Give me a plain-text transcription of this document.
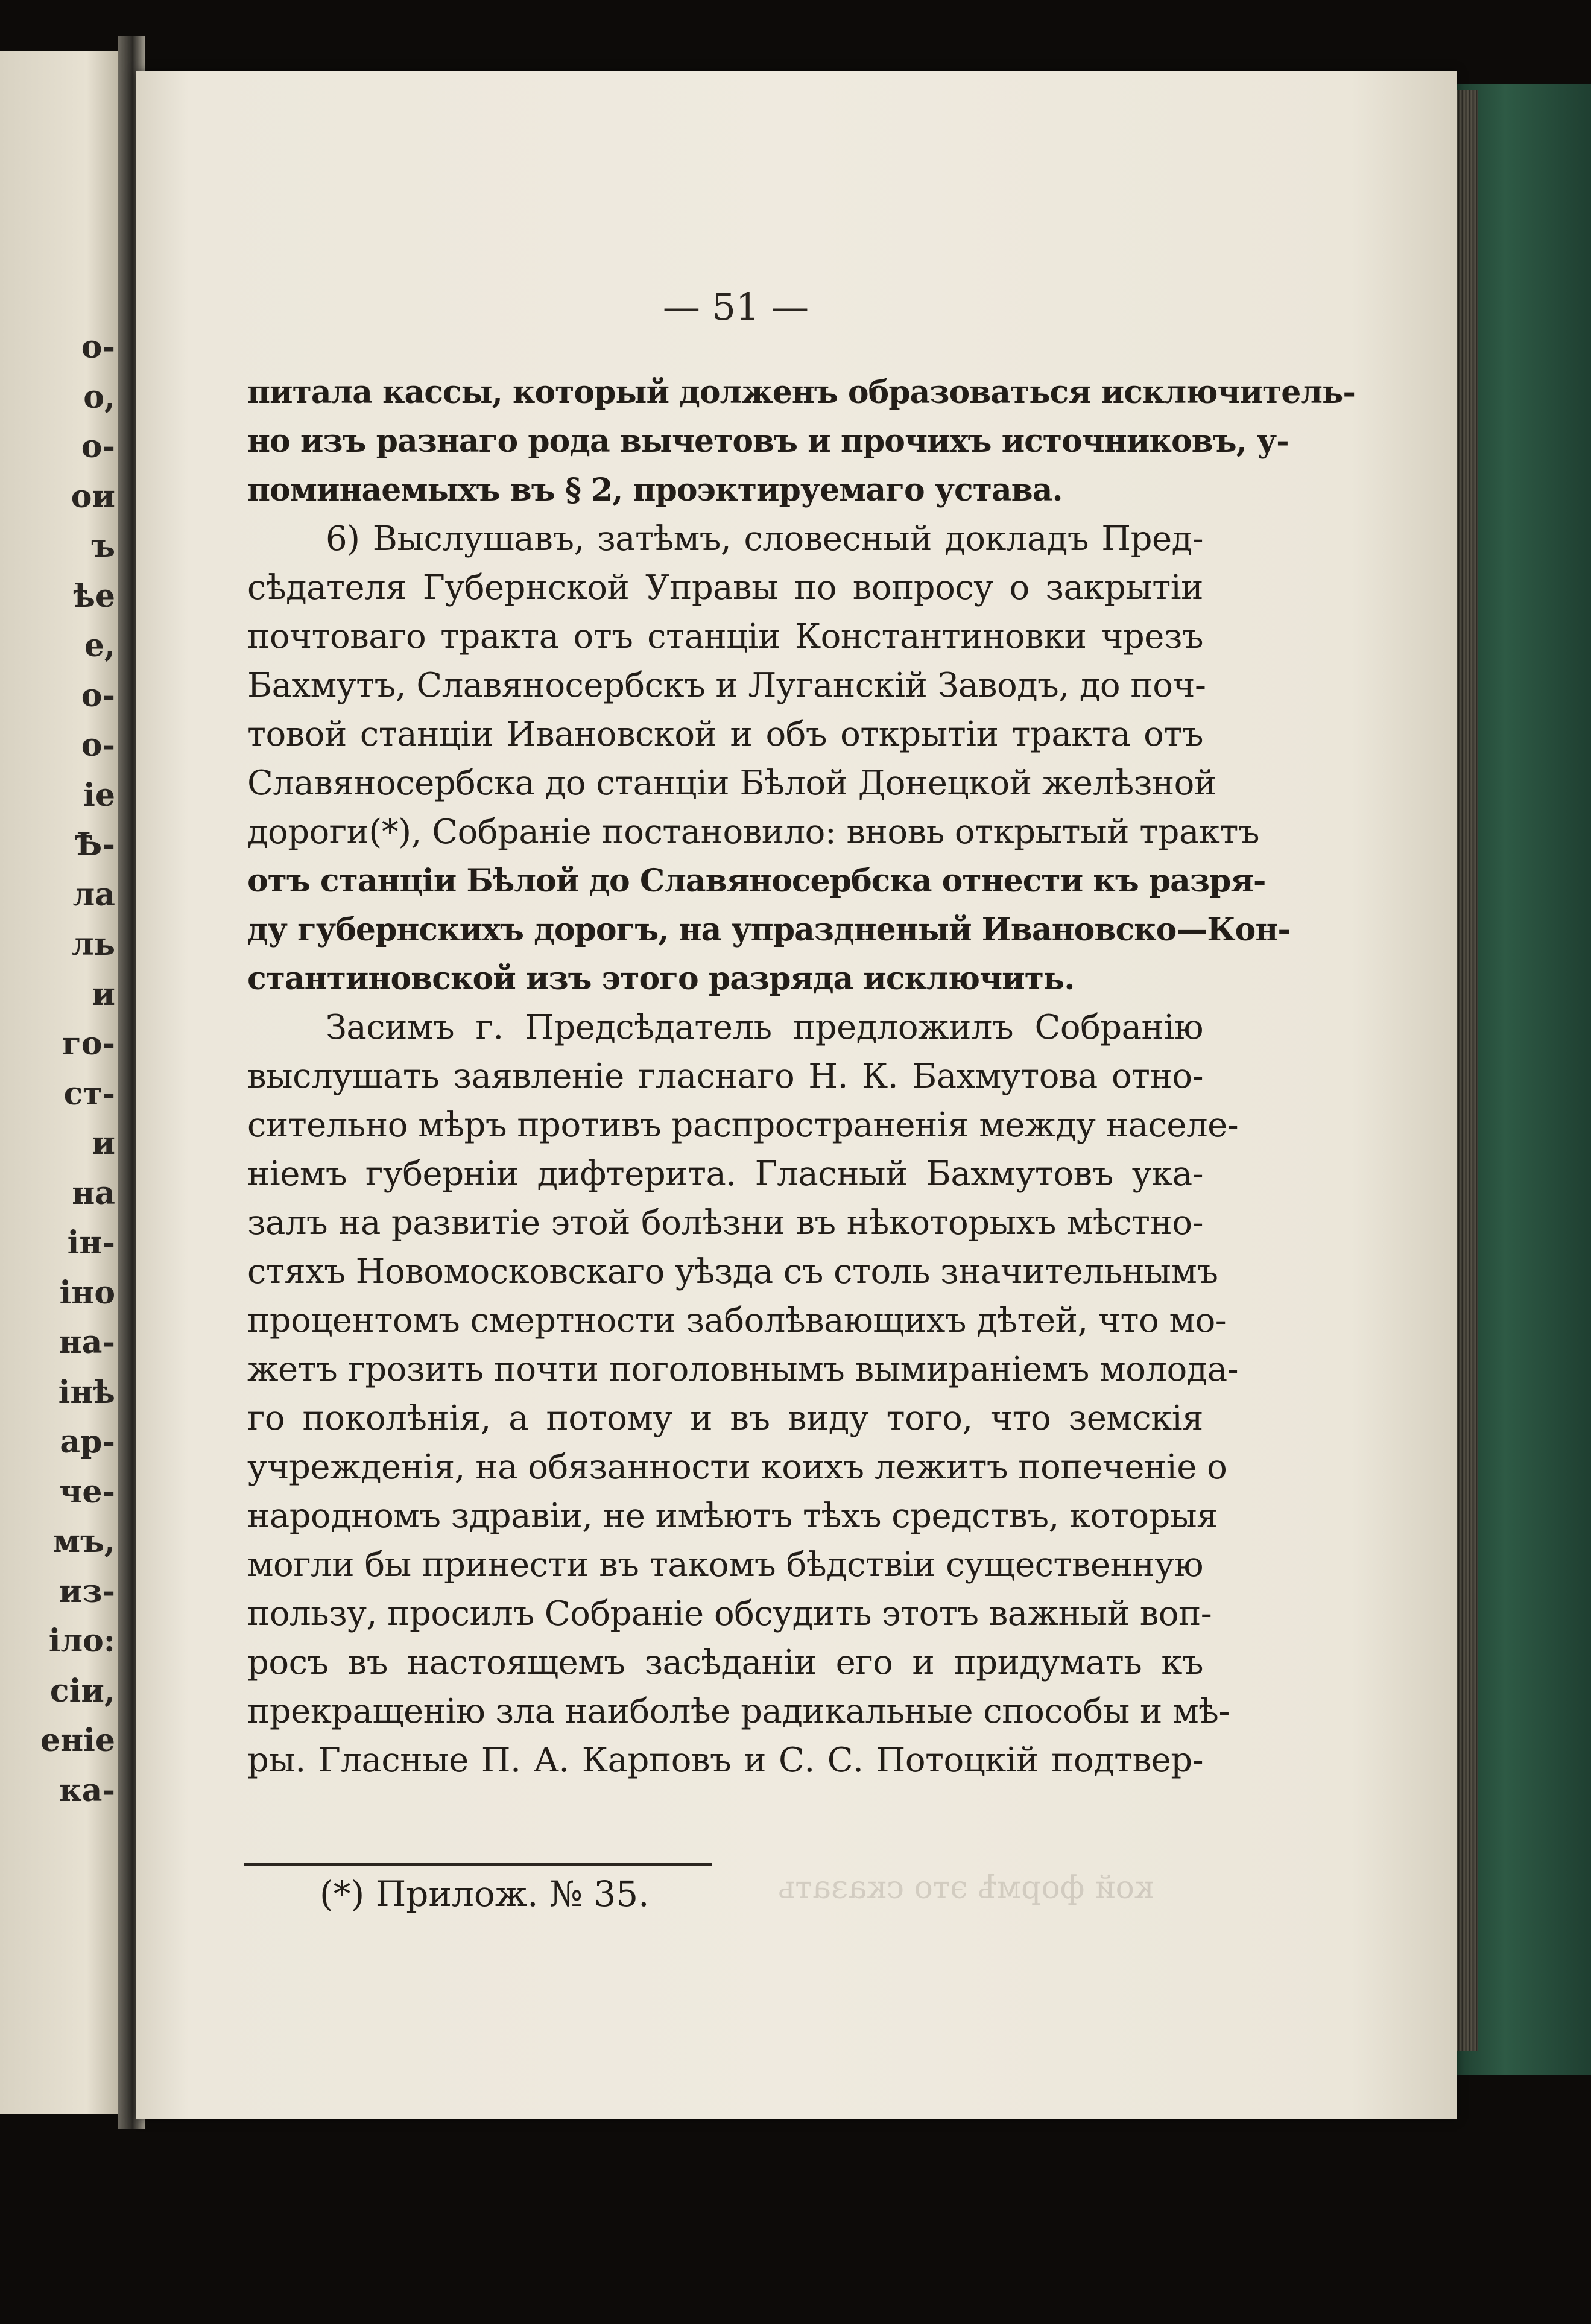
о-
о,
о-
ои
ъ
ѣе
е,
о-
о-
іе
Ѣ-
ла
ль
и
го-
ст-
и
на
ін-
іно
на-
інѣ
ар-
че-
мъ,
из-
іло:
сіи,
еніе
ка-
— 51 —
питала кассы, который долженъ образоваться исключитель-
но изъ разнаго рода вычетовъ и прочихъ источниковъ, у-
поминаемыхъ въ § 2, проэктируемаго устава.
6) Выслушавъ, затѣмъ, словесный докладъ Пред-
сѣдателя Губернской Управы по вопросу о закрытіи
почтоваго тракта отъ станціи Константиновки чрезъ
Бахмутъ, Славяносербскъ и Луганскій Заводъ, до поч-
товой станціи Ивановской и объ открытіи тракта отъ
Славяносербска до станціи Бѣлой Донецкой желѣзной
дороги(*), Собраніе постановило: вновь открытый трактъ
отъ станціи Бѣлой до Славяносербска отнести къ разря-
ду губернскихъ дорогъ, на упраздненый Ивановско—Кон-
стантиновской изъ этого разряда исключить.
Засимъ г. Предсѣдатель предложилъ Собранію
выслушать заявленіе гласнаго Н. К. Бахмутова отно-
сительно мѣръ противъ распространенія между населе-
ніемъ губерніи дифтерита. Гласный Бахмутовъ ука-
залъ на развитіе этой болѣзни въ нѣкоторыхъ мѣстно-
стяхъ Новомосковскаго уѣзда съ столь значительнымъ
процентомъ смертности заболѣвающихъ дѣтей, что мо-
жетъ грозить почти поголовнымъ вымираніемъ молода-
го поколѣнія, а потому и въ виду того, что земскія
учрежденія, на обязанности коихъ лежитъ попеченіе о
народномъ здравіи, не имѣютъ тѣхъ средствъ, которыя
могли бы принести въ такомъ бѣдствіи существенную
пользу, просилъ Собраніе обсудить этотъ важный воп-
росъ въ настоящемъ засѣданіи его и придумать къ
прекращенію зла наиболѣе радикальные способы и мѣ-
ры. Гласные П. А. Карповъ и С. С. Потоцкій подтвер-
(*) Прилож. № 35.	кой формѣ это сказать
